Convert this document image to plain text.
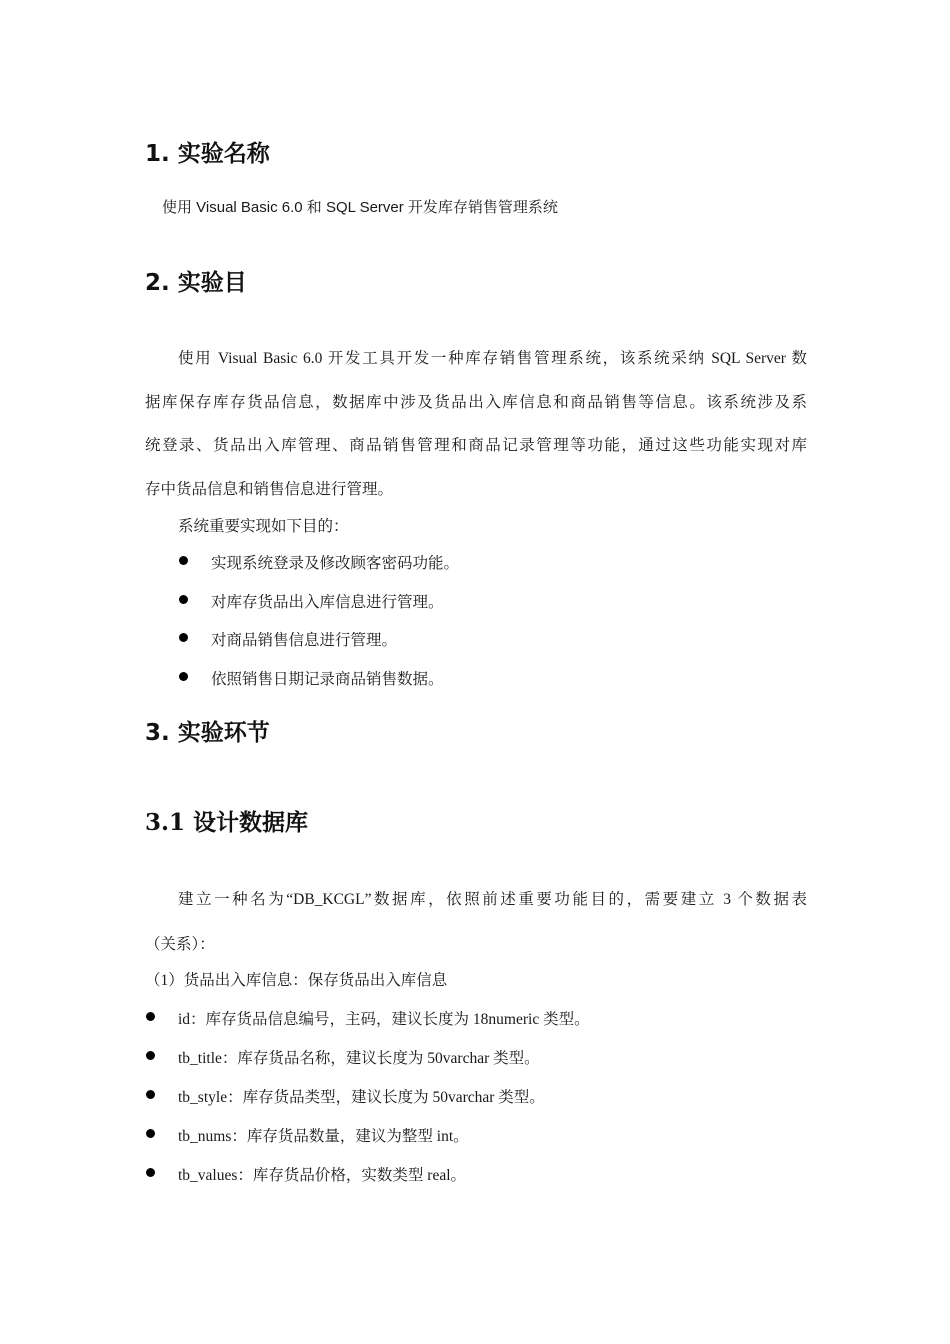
1. 实验名称

使用 Visual Basic 6.0 和 SQL Server 开发库存销售管理系统

2. 实验目

使用 Visual Basic 6.0 开发工具开发一种库存销售管理系统，该系统采纳 SQL Server 数

据库保存库存货品信息，数据库中涉及货品出入库信息和商品销售等信息。该系统涉及系

统登录、货品出入库管理、商品销售管理和商品记录管理等功能，通过这些功能实现对库

存中货品信息和销售信息进行管理。

系统重要实现如下目的：

实现系统登录及修改顾客密码功能。

对库存货品出入库信息进行管理。

对商品销售信息进行管理。

依照销售日期记录商品销售数据。

3. 实验环节
3.1 设计数据库

建立一种名为“DB_KCGL”数据库，依照前述重要功能目的，需要建立 3 个数据表

（关系）：

（1）货品出入库信息：保存货品出入库信息

id：库存货品信息编号，主码，建议长度为 18numeric 类型。

tb_title：库存货品名称，建议长度为 50varchar 类型。

tb_style：库存货品类型，建议长度为 50varchar 类型。

tb_nums：库存货品数量，建议为整型 int。

tb_values：库存货品价格，实数类型 real。
